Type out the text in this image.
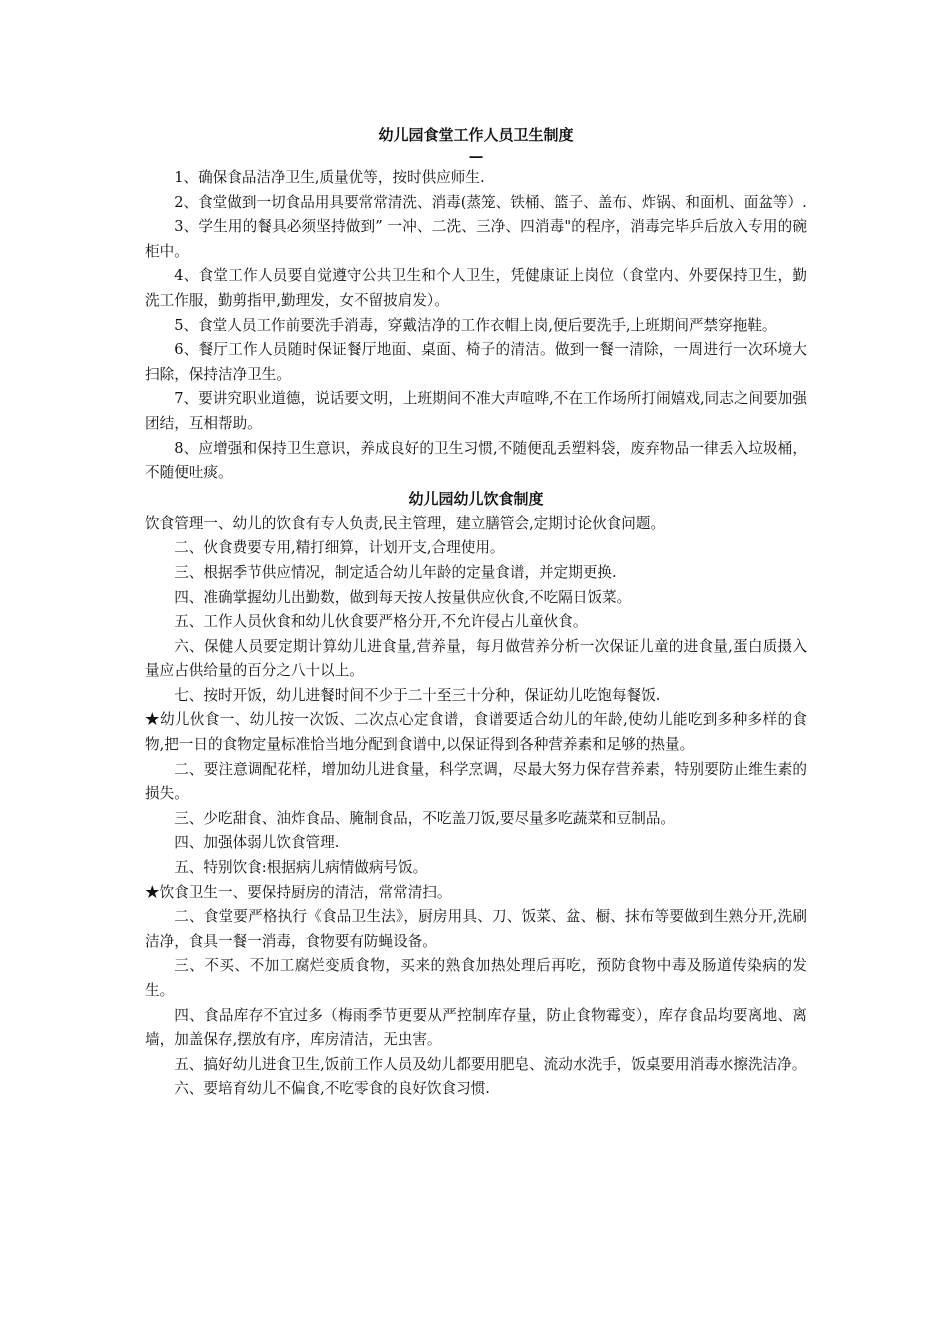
幼儿园食堂工作人员卫生制度
—

1、确保食品洁净卫生,质量优等，按时供应师生.

2、食堂做到一切食品用具要常常清洗、消毒(蒸笼、铁桶、篮子、盖布、炸锅、和面机、面盆等）.

3、学生用的餐具必须坚持做到” 一冲、二洗、三净、四消毒"的程序，消毒完毕乒后放入专用的碗柜中。

4、食堂工作人员要自觉遵守公共卫生和个人卫生，凭健康证上岗位（食堂内、外要保持卫生，勤洗工作服，勤剪指甲,勤理发，女不留披肩发）。

5、食堂人员工作前要洗手消毒，穿戴洁净的工作衣帽上岗,便后要洗手,上班期间严禁穿拖鞋。

6、餐厅工作人员随时保证餐厅地面、桌面、椅子的清洁。做到一餐一清除，一周进行一次环境大扫除，保持洁净卫生。

7、要讲究职业道德，说话要文明，上班期间不准大声喧哗,不在工作场所打闹嬉戏,同志之间要加强团结，互相帮助。

8、应增强和保持卫生意识，养成良好的卫生习惯,不随便乱丢塑料袋，废弃物品一律丢入垃圾桶，不随便吐痰。

幼儿园幼儿饮食制度

饮食管理一、幼儿的饮食有专人负责,民主管理，建立膳管会,定期讨论伙食问题。

二、伙食费要专用,精打细算，计划开支,合理使用。

三、根据季节供应情况，制定适合幼儿年龄的定量食谱，并定期更换.

四、准确掌握幼儿出勤数，做到每天按人按量供应伙食,不吃隔日饭菜。

五、工作人员伙食和幼儿伙食要严格分开,不允许侵占儿童伙食。

六、保健人员要定期计算幼儿进食量,营养量，每月做营养分析一次保证儿童的进食量,蛋白质摄入量应占供给量的百分之八十以上。

七、按时开饭，幼儿进餐时间不少于二十至三十分种，保证幼儿吃饱每餐饭.

★幼儿伙食一、幼儿按一次饭、二次点心定食谱，食谱要适合幼儿的年龄,使幼儿能吃到多种多样的食物,把一日的食物定量标准恰当地分配到食谱中,以保证得到各种营养素和足够的热量。

二、要注意调配花样，增加幼儿进食量，科学烹调，尽最大努力保存营养素，特别要防止维生素的损失。

三、少吃甜食、油炸食品、腌制食品，不吃盖刀饭,要尽量多吃蔬菜和豆制品。

四、加强体弱儿饮食管理.

五、特别饮食:根据病儿病情做病号饭。

★饮食卫生一、要保持厨房的清洁，常常清扫。

二、食堂要严格执行《食品卫生法》，厨房用具、刀、饭菜、盆、橱、抹布等要做到生熟分开,洗刷洁净，食具一餐一消毒，食物要有防蝇设备。

三、不买、不加工腐烂变质食物，买来的熟食加热处理后再吃，预防食物中毒及肠道传染病的发生。

四、食品库存不宜过多（梅雨季节更要从严控制库存量，防止食物霉变），库存食品均要离地、离墙，加盖保存,摆放有序，库房清洁，无虫害。

五、搞好幼儿进食卫生,饭前工作人员及幼儿都要用肥皂、流动水洗手，饭桌要用消毒水擦洗洁净。

六、要培育幼儿不偏食,不吃零食的良好饮食习惯.
